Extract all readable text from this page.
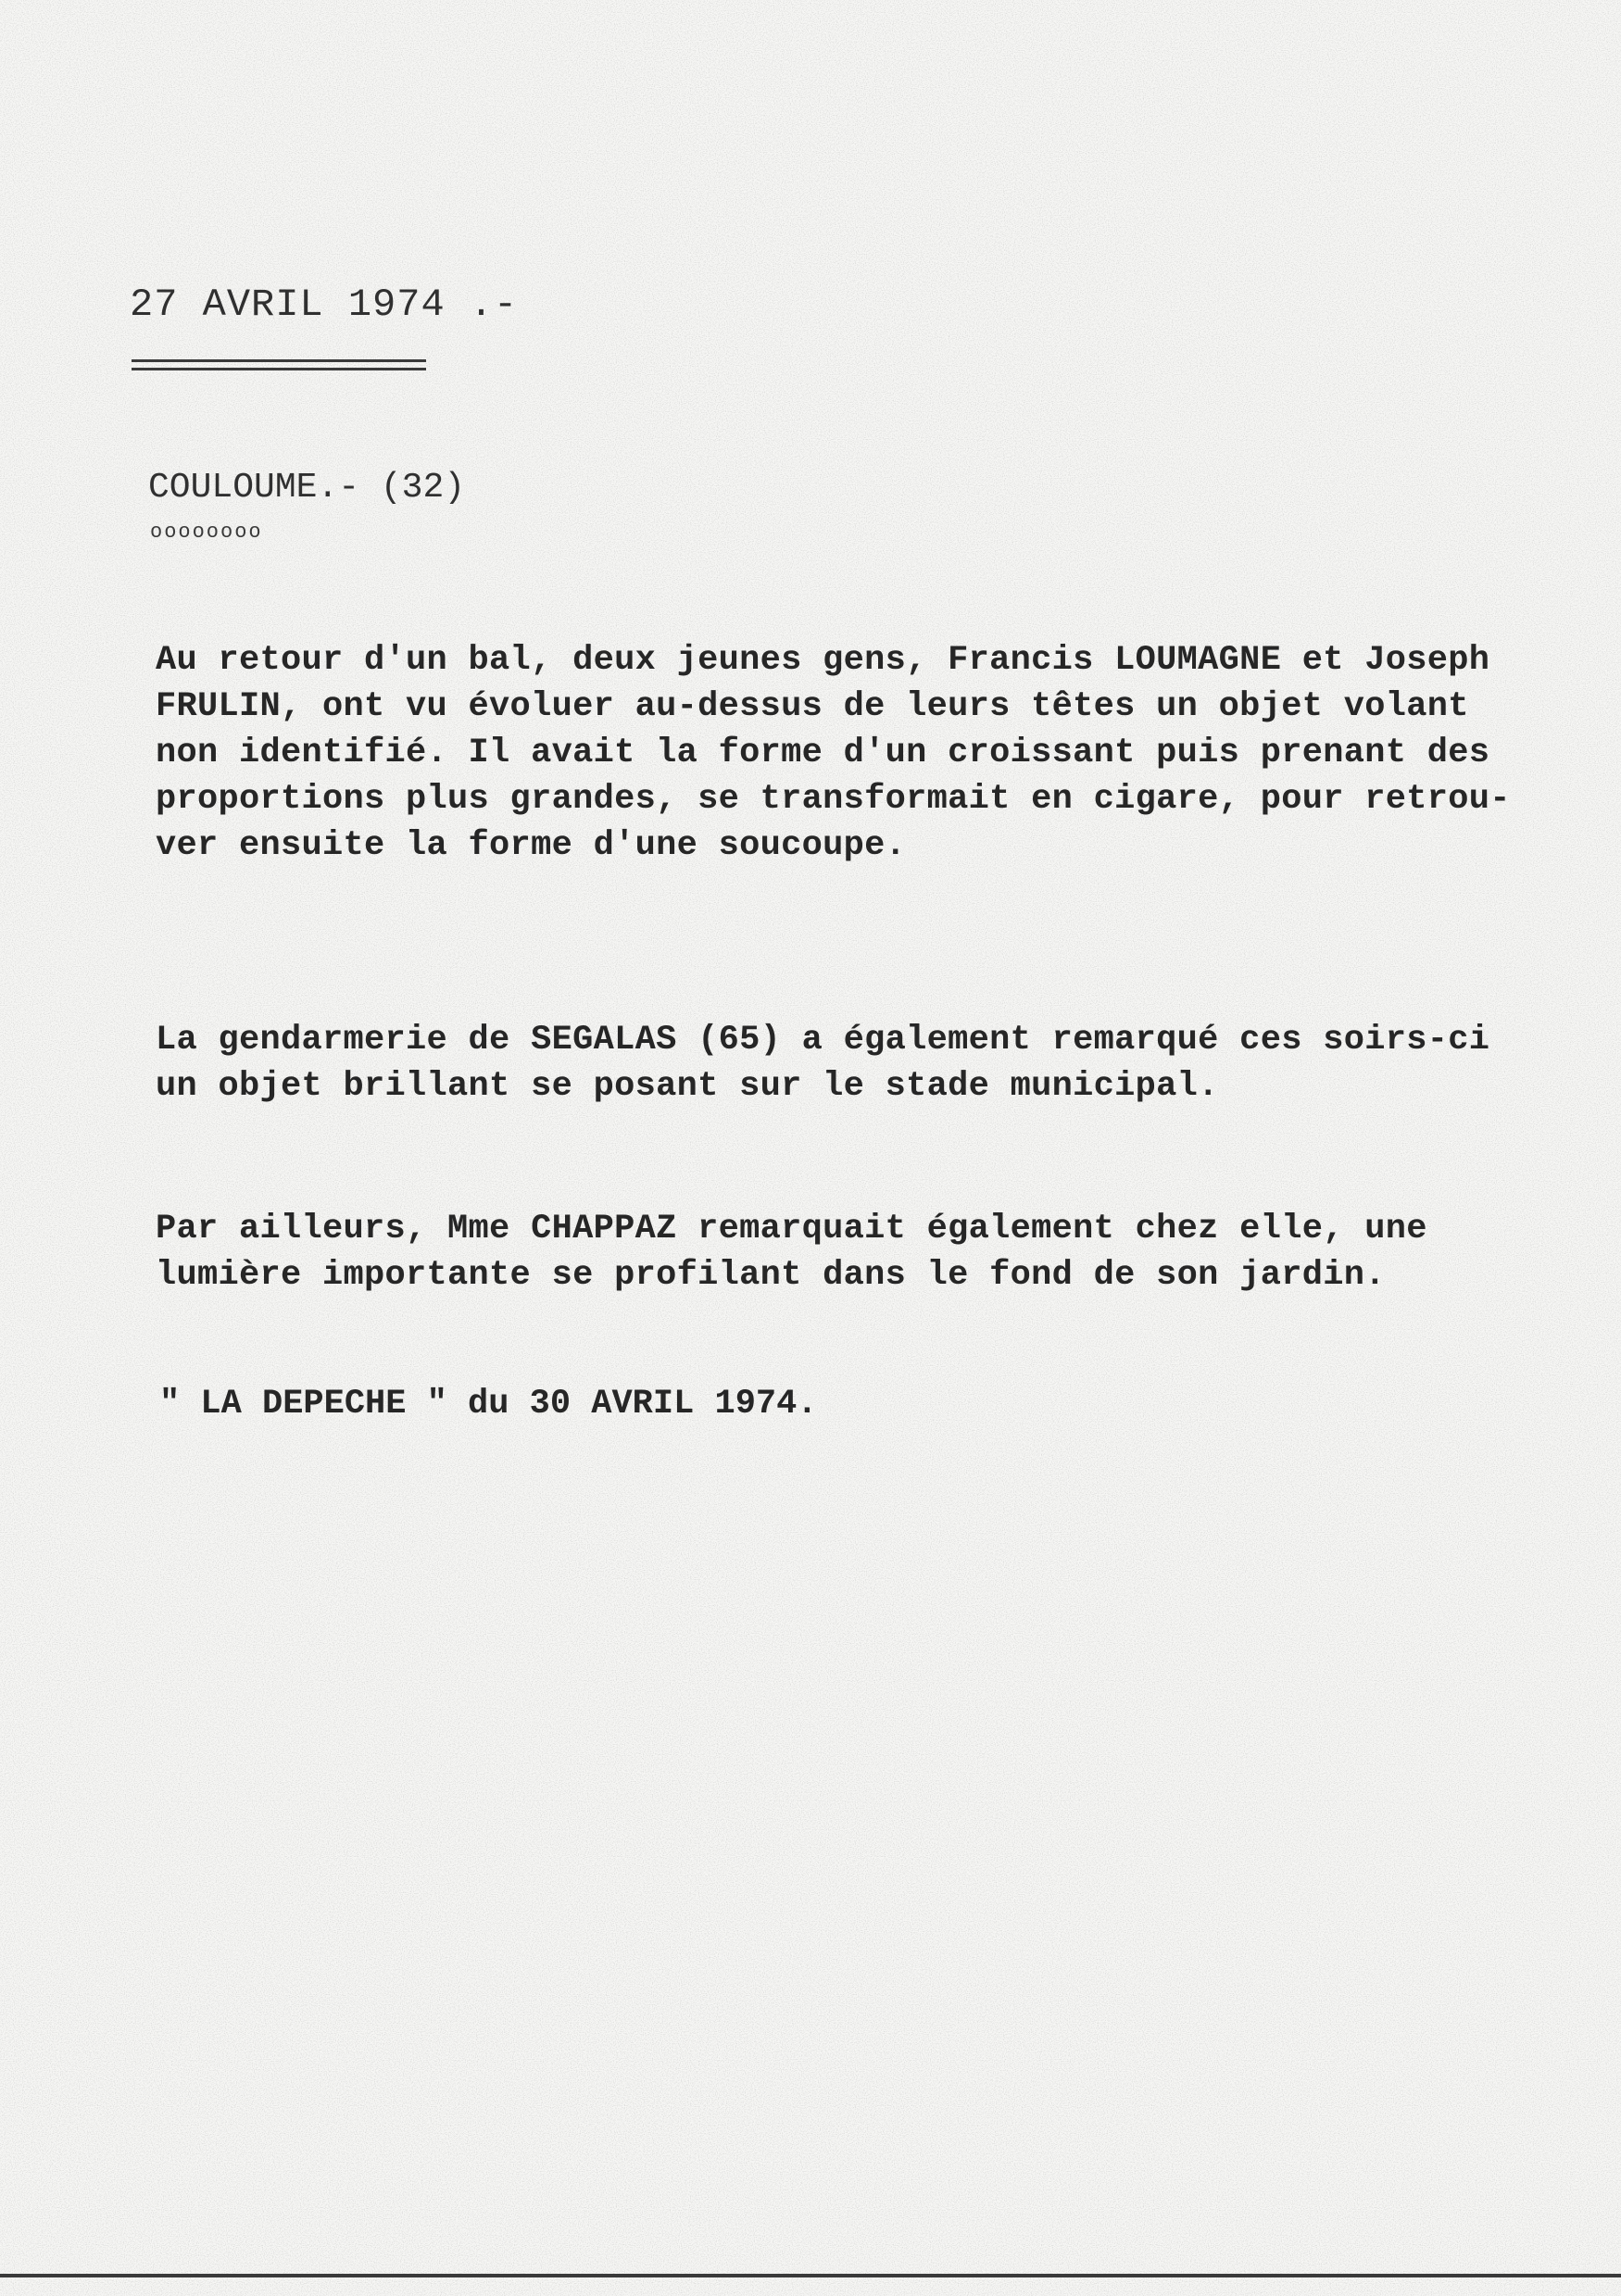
27 AVRIL 1974 .-
COULOUME.- (32)
oooooooo
Au retour d'un bal, deux jeunes gens, Francis LOUMAGNE et Joseph
FRULIN, ont vu évoluer au-dessus de leurs têtes un objet volant
non identifié. Il avait la forme d'un croissant puis prenant des
proportions plus grandes, se transformait en cigare, pour retrou-
ver ensuite la forme d'une soucoupe.
La gendarmerie de SEGALAS (65) a également remarqué ces soirs-ci
un objet brillant se posant sur le stade municipal.
Par ailleurs, Mme CHAPPAZ remarquait également chez elle, une
lumière importante se profilant dans le fond de son jardin.
" LA DEPECHE " du 30 AVRIL 1974.
